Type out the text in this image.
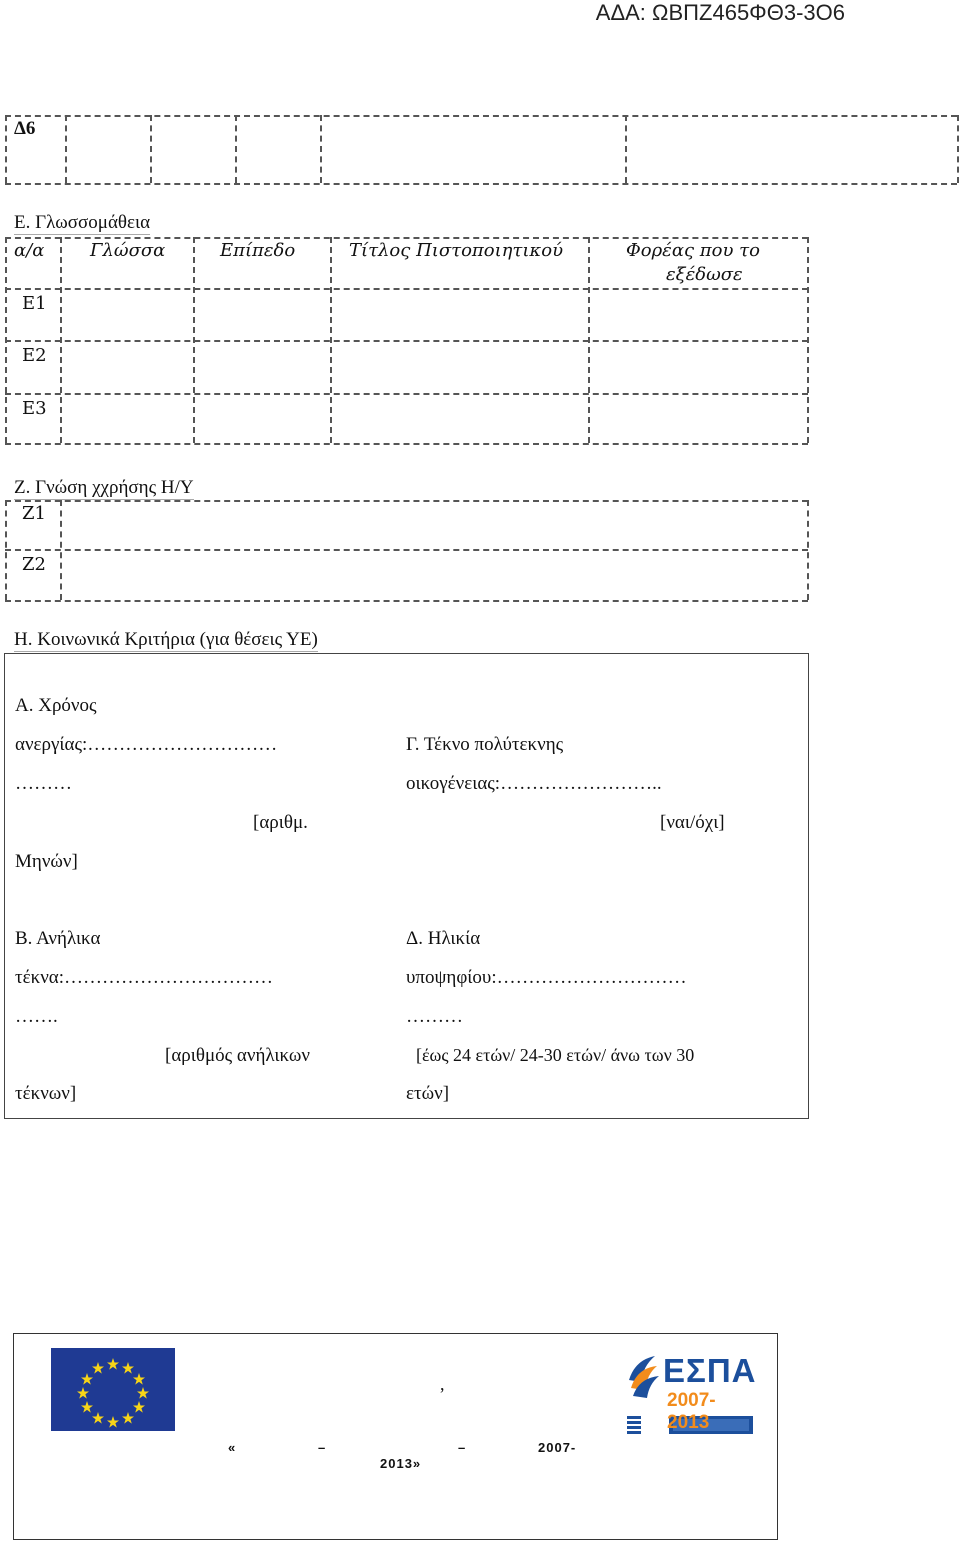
ΑΔΑ: ΩΒΠΖ465ΦΘ3-3Ο6
Δ6
Ε. Γλωσσομάθεια
α/α	Γλώσσα	Επίπεδο	Τίτλος Πιστοποιητικού	Φορέας που το
εξέδωσε
Ε1
Ε2
Ε3
Ζ. Γνώση χχρήσης Η/Υ
Ζ1
Ζ2
Η. Κοινωνικά Κριτήρια (για θέσεις ΥΕ)
Α. Χρόνος
ανεργίας:…………………………
………
[αριθμ.
Μηνών]
Γ. Τέκνο πολύτεκνης
οικογένειας:……………………..
[ναι/όχι]
Β. Ανήλικα
τέκνα:……………………………
…….
[αριθμός ανήλικων
τέκνων]
Δ. Ηλικία
υποψηφίου:…………………………
………
[έως 24 ετών/ 24-30 ετών/ άνω των 30
ετών]
,	ΕΣΠΑ
2007-2013
«	–	–	2007-
2013»
